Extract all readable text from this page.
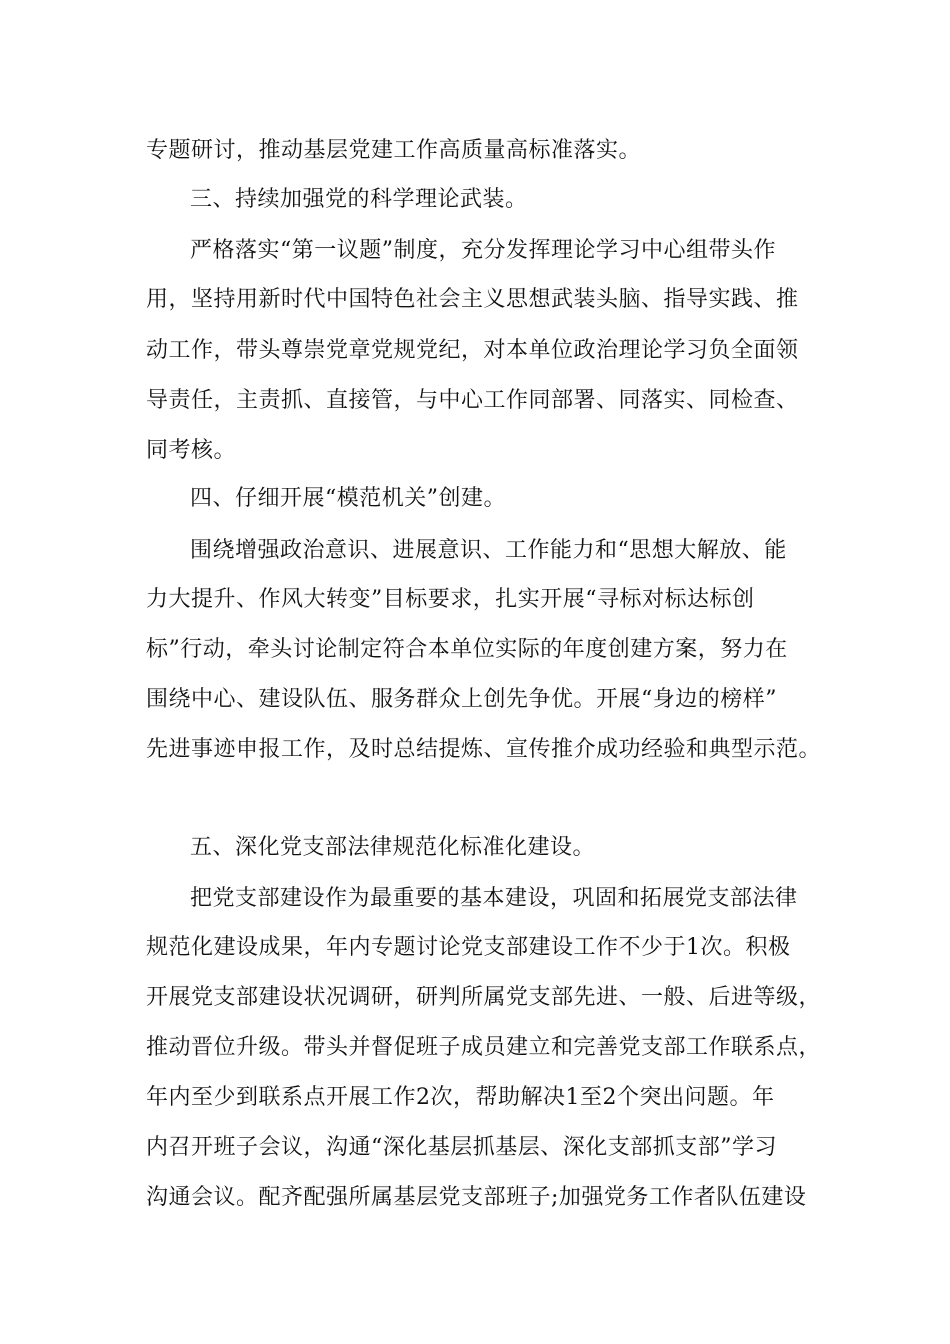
专题研讨，推动基层党建工作高质量高标准落实。
三、持续加强党的科学理论武装。
严格落实“第一议题”制度，充分发挥理论学习中心组带头作
用，坚持用新时代中国特色社会主义思想武装头脑、指导实践、推
动工作，带头尊崇党章党规党纪，对本单位政治理论学习负全面领
导责任，主责抓、直接管，与中心工作同部署、同落实、同检查、
同考核。
四、仔细开展“模范机关”创建。
围绕增强政治意识、进展意识、工作能力和“思想大解放、能
力大提升、作风大转变”目标要求，扎实开展“寻标对标达标创
标”行动，牵头讨论制定符合本单位实际的年度创建方案，努力在
围绕中心、建设队伍、服务群众上创先争优。开展“身边的榜样”
先进事迹申报工作，及时总结提炼、宣传推介成功经验和典型示范。
五、深化党支部法律规范化标准化建设。
把党支部建设作为最重要的基本建设，巩固和拓展党支部法律
规范化建设成果，年内专题讨论党支部建设工作不少于1次。积极
开展党支部建设状况调研，研判所属党支部先进、一般、后进等级，
推动晋位升级。带头并督促班子成员建立和完善党支部工作联系点，
年内至少到联系点开展工作2次，帮助解决1至2个突出问题。年
内召开班子会议，沟通“深化基层抓基层、深化支部抓支部”学习
沟通会议。配齐配强所属基层党支部班子;加强党务工作者队伍建设
